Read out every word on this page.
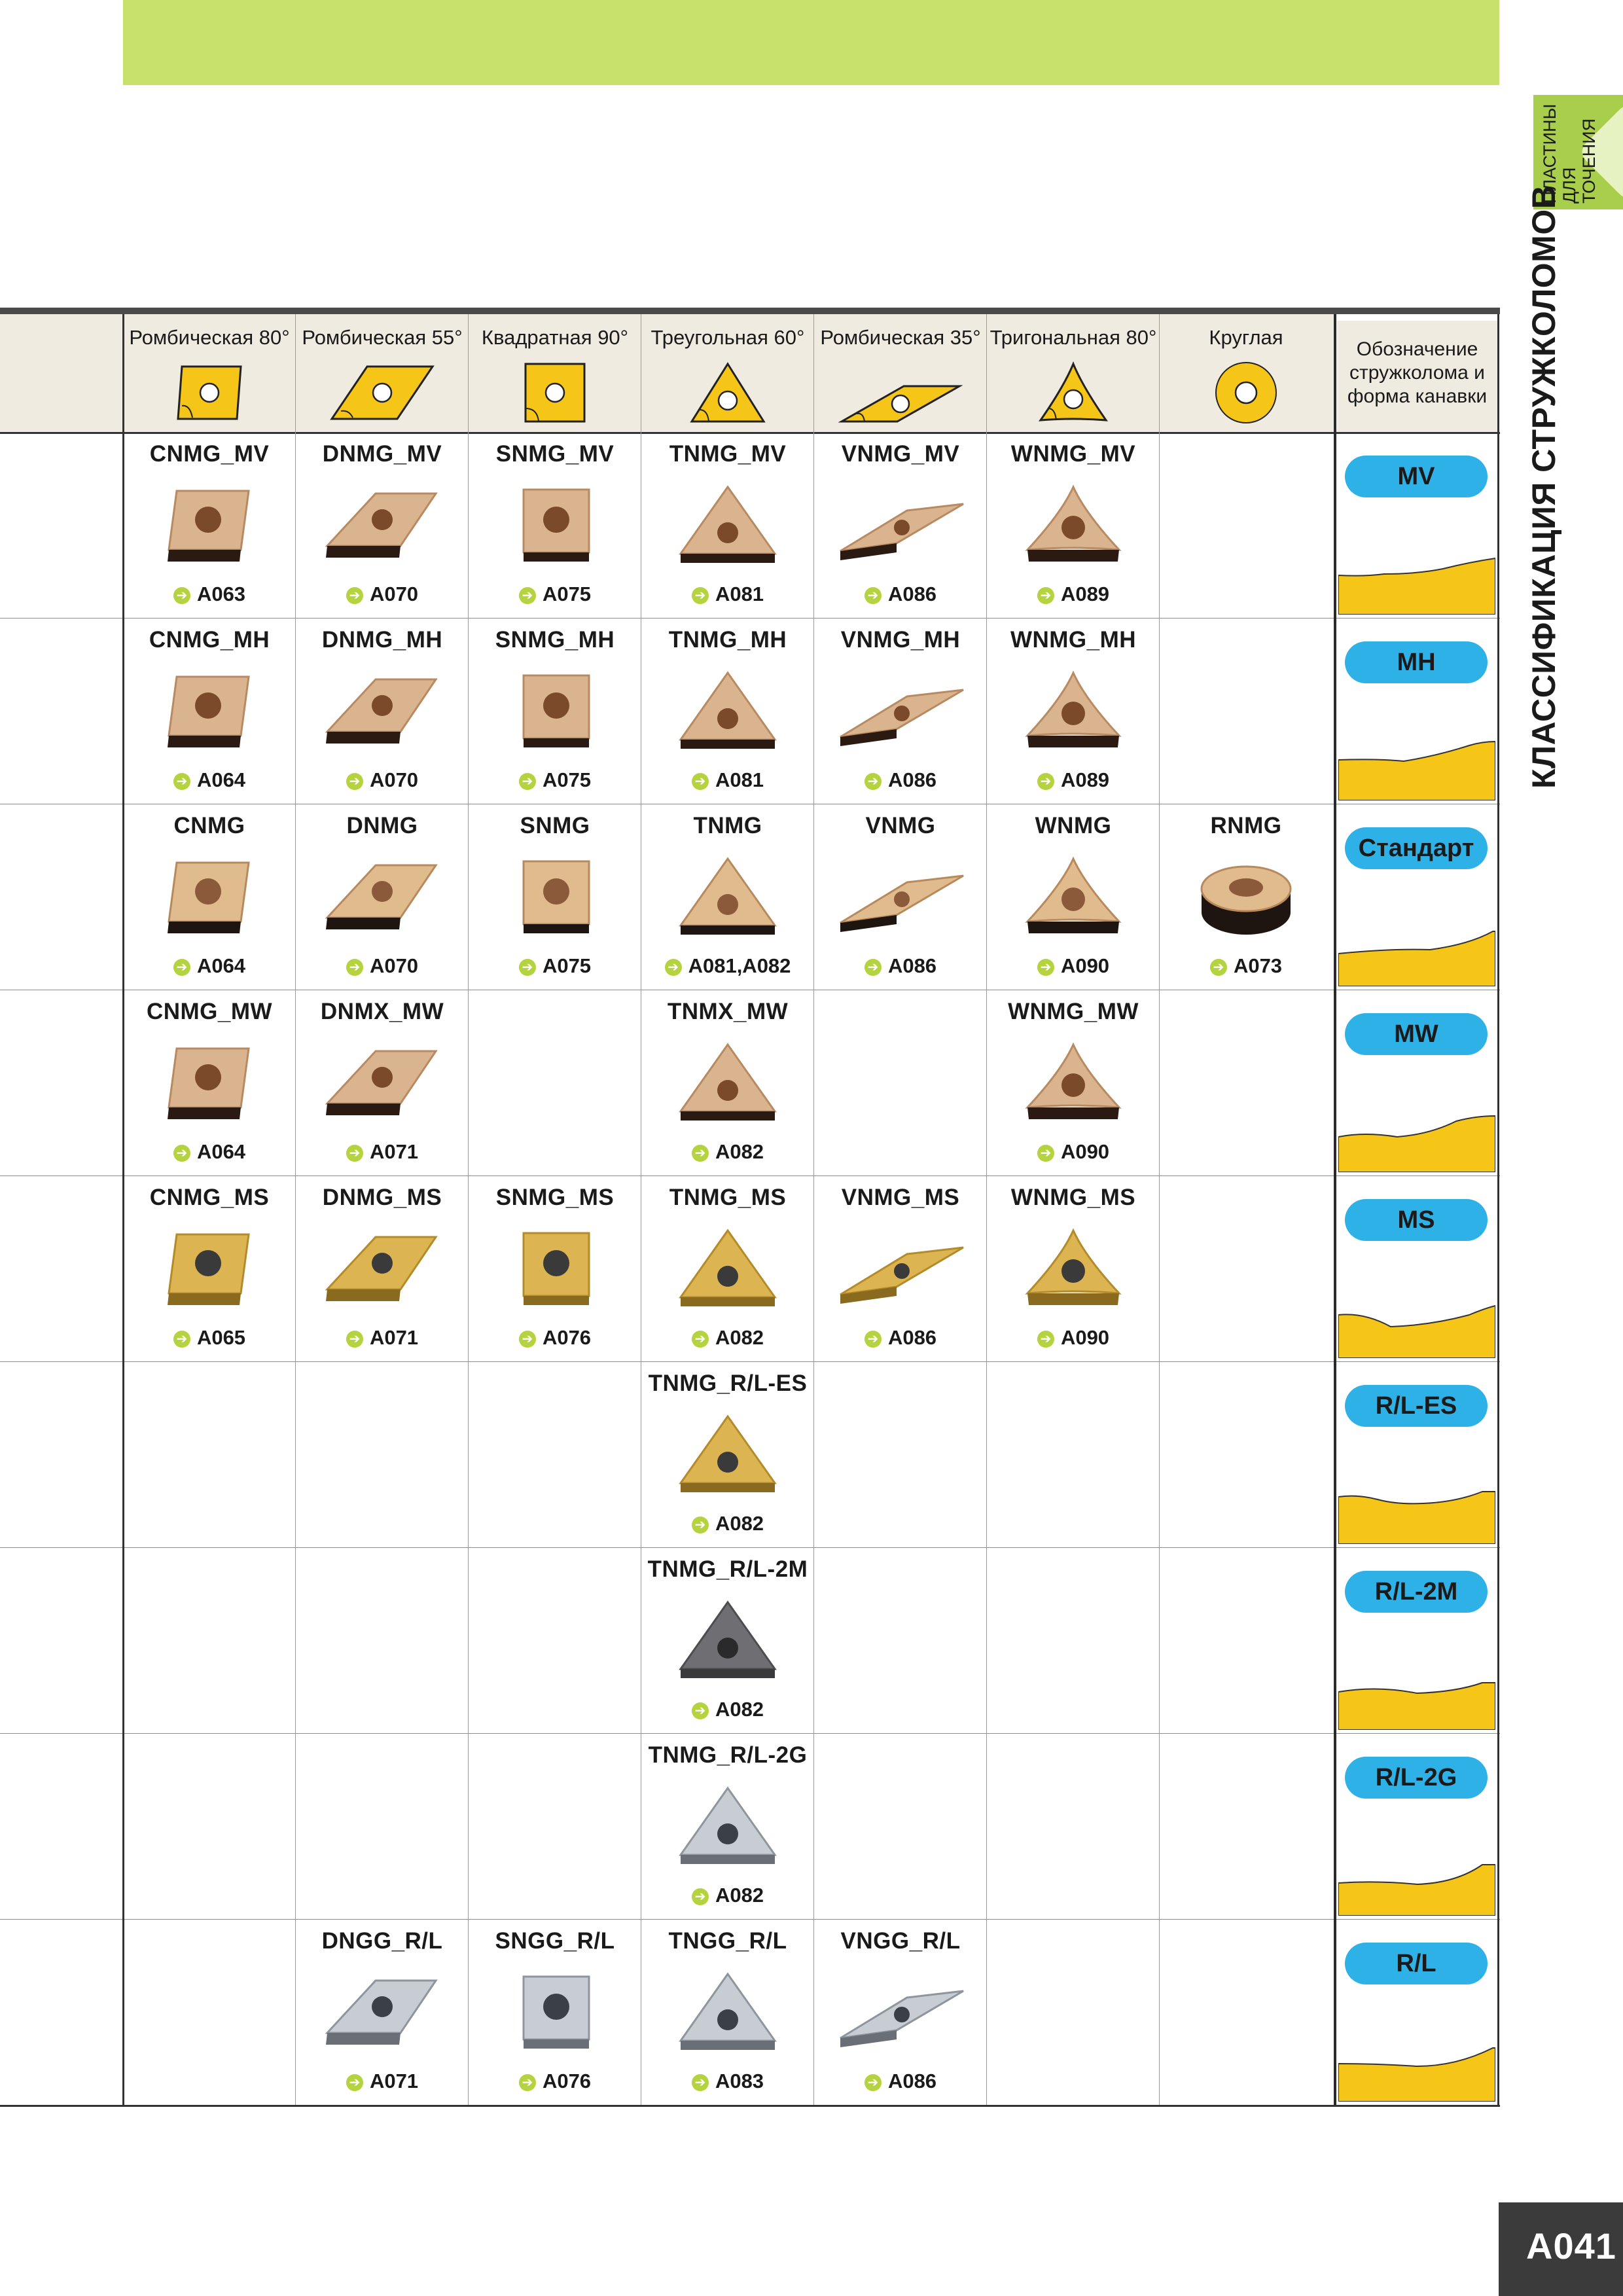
ПЛАСТИНЫ ДЛЯ ТОЧЕНИЯ
КЛАССИФИКАЦИЯ СТРУЖКОЛОМОВ
Обозначение стружколома и форма канавки
Ромбическая 80° Ромбическая 55° Квадратная 90°	Треугольная 60° Ромбическая 35° Тригональная 80°	Круглая
CNMG_MV
➔ A063
DNMG_MV
➔ A070
SNMG_MV
➔ A075
TNMG_MV
➔ A081
VNMG_MV
➔ A086
WNMG_MV
➔ A089
MV
CNMG_MH
➔ A064
DNMG_MH
➔ A070
SNMG_MH
➔ A075
TNMG_MH
➔ A081
VNMG_MH
➔ A086
WNMG_MH
➔ A089
MH
CNMG
➔ A064
DNMG
➔ A070
SNMG
➔ A075
TNMG
➔ A081,A082
VNMG
➔ A086
WNMG
➔ A090
RNMG
➔ A073
Стандарт
CNMG_MW
➔ A064
DNMX_MW
➔ A071
TNMX_MW
➔ A082
WNMG_MW
➔ A090
MW
CNMG_MS
➔ A065
DNMG_MS
➔ A071
SNMG_MS
➔ A076
TNMG_MS
➔ A082
VNMG_MS
➔ A086
WNMG_MS
➔ A090
MS
TNMG_R/L-ES
➔ A082
R/L-ES
TNMG_R/L-2M
➔ A082
R/L-2M
TNMG_R/L-2G
➔ A082
R/L-2G
DNGG_R/L
➔ A071
SNGG_R/L
➔ A076
TNGG_R/L
➔ A083
VNGG_R/L
➔ A086
R/L
A041
